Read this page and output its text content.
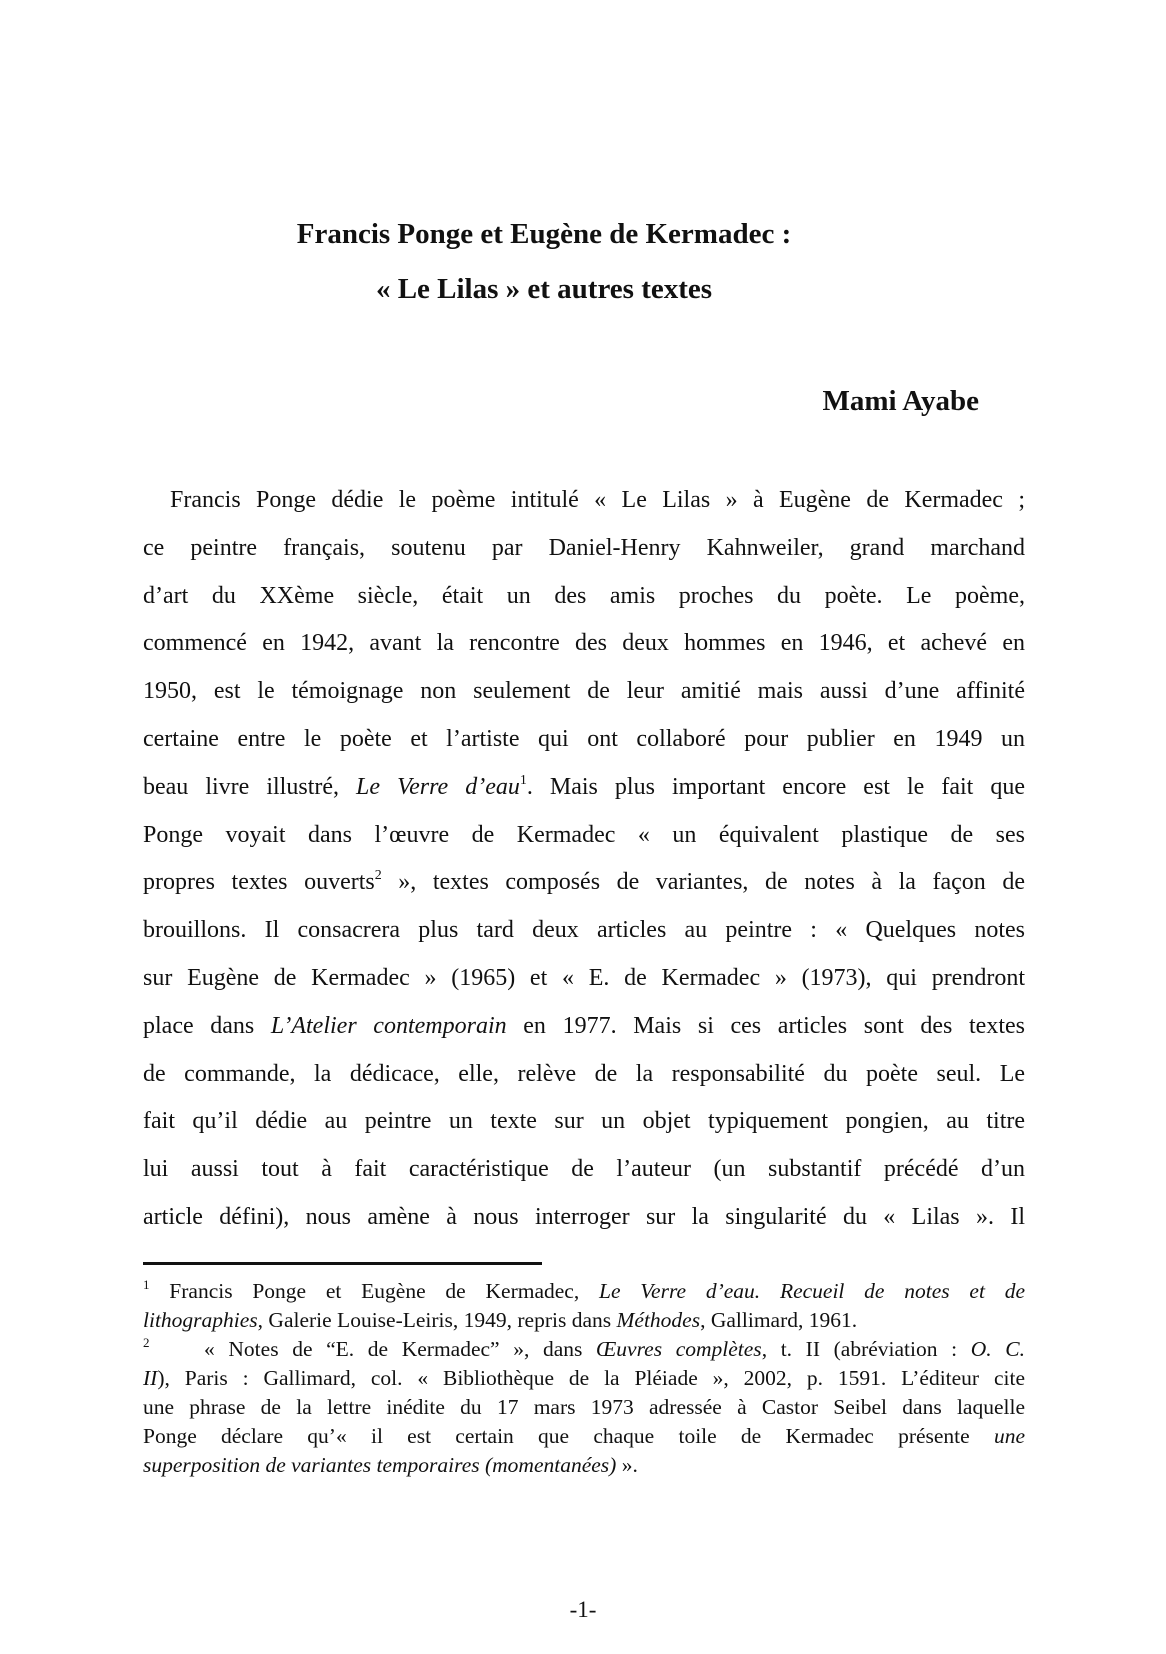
Francis Ponge et Eugène de Kermadec :
« Le Lilas » et autres textes
Mami Ayabe
Francis Ponge dédie le poème intitulé « Le Lilas » à Eugène de Kermadec ;
ce peintre français, soutenu par Daniel-Henry Kahnweiler, grand marchand
d’art du XXème siècle, était un des amis proches du poète. Le poème,
commencé en 1942, avant la rencontre des deux hommes en 1946, et achevé en
1950, est le témoignage non seulement de leur amitié mais aussi d’une affinité
certaine entre le poète et l’artiste qui ont collaboré pour publier en 1949 un
beau livre illustré, Le Verre d’eau$^1$. Mais plus important encore est le fait que
Ponge voyait dans l’œuvre de Kermadec « un équivalent plastique de ses
propres textes ouverts$^2$ », textes composés de variantes, de notes à la façon de
brouillons. Il consacrera plus tard deux articles au peintre : « Quelques notes
sur Eugène de Kermadec » (1965) et « E. de Kermadec » (1973), qui prendront
place dans L’Atelier contemporain en 1977. Mais si ces articles sont des textes
de commande, la dédicace, elle, relève de la responsabilité du poète seul. Le
fait qu’il dédie au peintre un texte sur un objet typiquement pongien, au titre
lui aussi tout à fait caractéristique de l’auteur (un substantif précédé d’un
article défini), nous amène à nous interroger sur la singularité du « Lilas ». Il
$^1$ Francis Ponge et Eugène de Kermadec, Le Verre d’eau. Recueil de notes et de
lithographies, Galerie Louise-Leiris, 1949, repris dans Méthodes, Gallimard, 1961.
$^2$    « Notes de “E. de Kermadec” », dans Œuvres complètes, t. II (abréviation : O. C.
II), Paris : Gallimard, col. « Bibliothèque de la Pléiade », 2002, p. 1591. L’éditeur cite
une phrase de la lettre inédite du 17 mars 1973 adressée à Castor Seibel dans laquelle
Ponge déclare qu’« il est certain que chaque toile de Kermadec présente une
superposition de variantes temporaires (momentanées) ».
-1-
